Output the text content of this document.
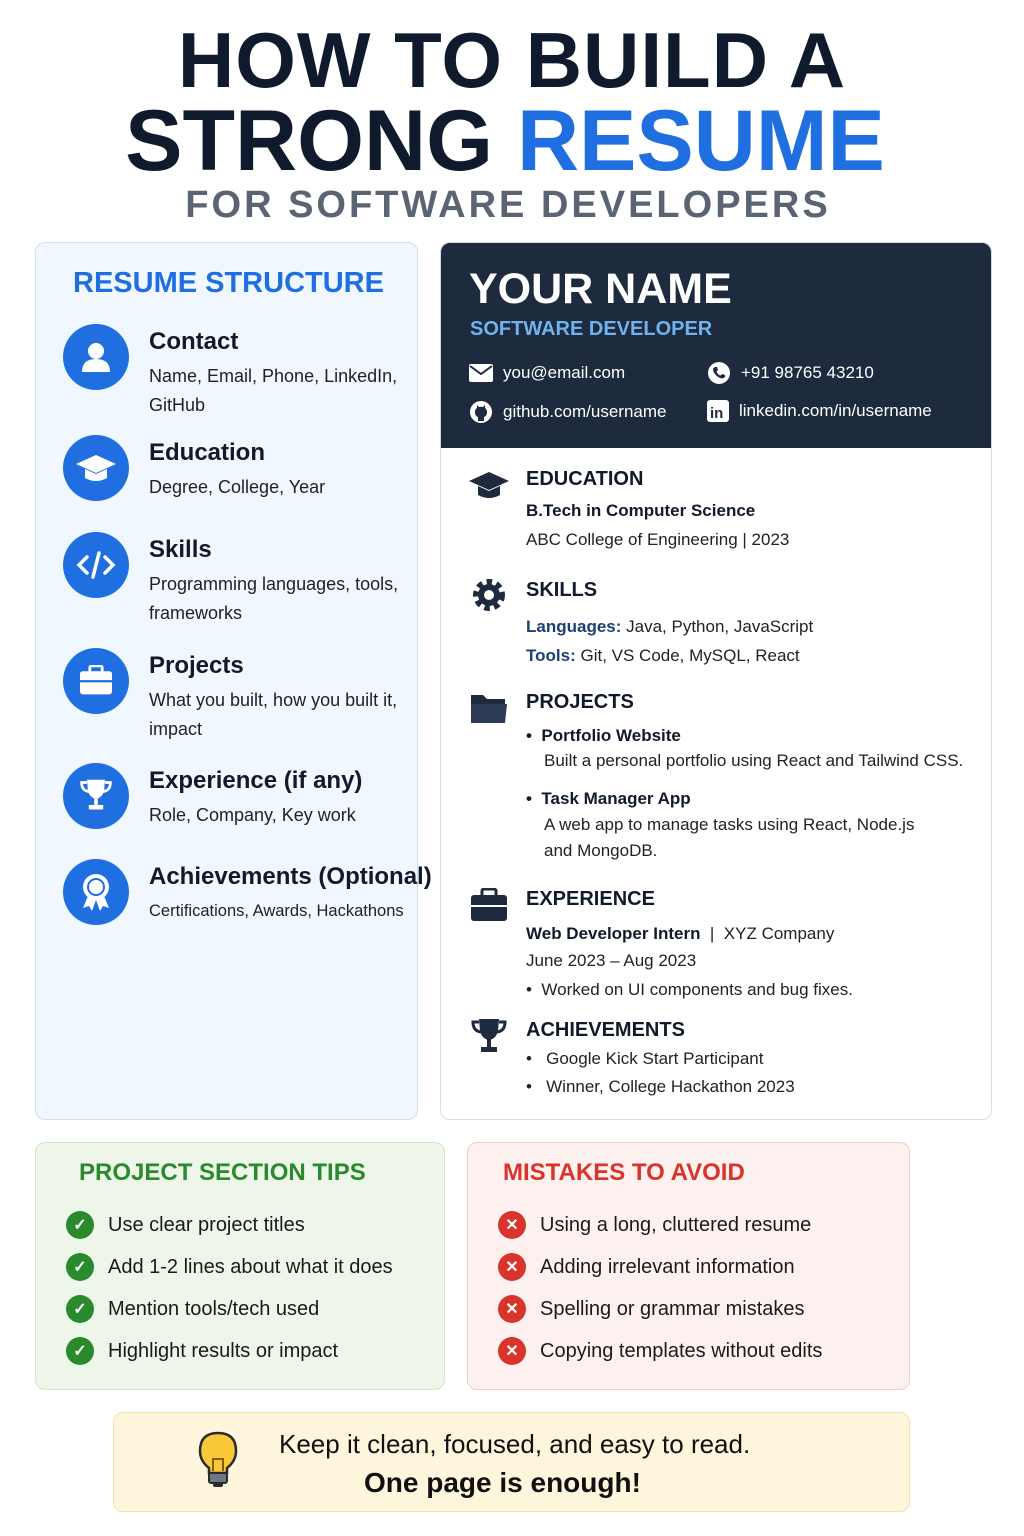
HOW TO BUILD A
STRONG RESUME
FOR SOFTWARE DEVELOPERS
RESUME STRUCTURE
Contact
Name, Email, Phone, LinkedIn, GitHub
Education
Degree, College, Year
Skills
Programming languages, tools, frameworks
Projects
What you built, how you built it, impact
Experience (if any)
Role, Company, Key work
Achievements (Optional)
Certifications, Awards, Hackathons
YOUR NAME
SOFTWARE DEVELOPER
you@email.com	+91 98765 43210
github.com/username	in linkedin.com/in/username
EDUCATION
B.Tech in Computer Science
ABC College of Engineering | 2023
SKILLS
Languages: Java, Python, JavaScript
Tools: Git, VS Code, MySQL, React
PROJECTS
•  Portfolio Website
Built a personal portfolio using React and Tailwind CSS.
•  Task Manager App
A web app to manage tasks using React, Node.js
and MongoDB.
EXPERIENCE
Web Developer Intern | XYZ Company
June 2023 – Aug 2023
•  Worked on UI components and bug fixes.
ACHIEVEMENTS
•   Google Kick Start Participant
•   Winner, College Hackathon 2023
PROJECT SECTION TIPS
✓	Use clear project titles
✓	Add 1-2 lines about what it does
✓	Mention tools/tech used
✓	Highlight results or impact
MISTAKES TO AVOID
✕	Using a long, cluttered resume
✕	Adding irrelevant information
✕	Spelling or grammar mistakes
✕	Copying templates without edits
Keep it clean, focused, and easy to read.
One page is enough!
